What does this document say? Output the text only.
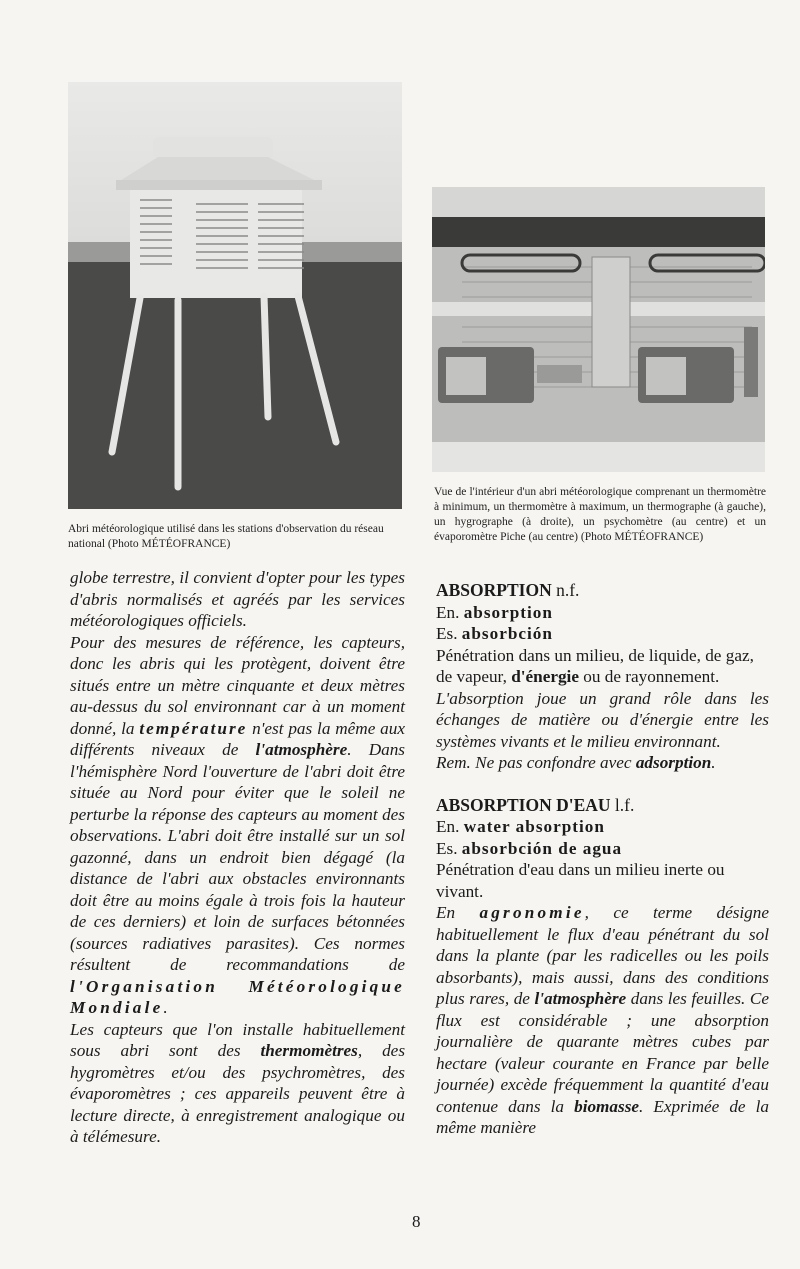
Abri météorologique utilisé dans les stations d'observation du réseau national (Photo MÉTÉOFRANCE)
Vue de l'intérieur d'un abri météorologique comprenant un thermomètre à minimum, un thermomètre à maximum, un thermographe (à gauche), un hygrographe (à droite), un psychomètre (au centre) et un évaporomètre Piche (au centre) (Photo MÉTÉOFRANCE)

globe terrestre, il convient d'opter pour les types d'abris normalisés et agréés par les services météorologiques officiels.

Pour des mesures de référence, les capteurs, donc les abris qui les protègent, doivent être situés entre un mètre cinquante et deux mètres au-dessus du sol environnant car à un moment donné, la température n'est pas la même aux différents niveaux de l'atmosphère. Dans l'hémisphère Nord l'ouverture de l'abri doit être située au Nord pour éviter que le soleil ne perturbe la réponse des capteurs au moment des observations. L'abri doit être installé sur un sol gazonné, dans un endroit bien dégagé (la distance de l'abri aux obstacles environnants doit être au moins égale à trois fois la hauteur de ces derniers) et loin de surfaces bétonnées (sources radiatives parasites). Ces normes résultent de recommandations de l'Organisation Météorologique Mondiale.

Les capteurs que l'on installe habituellement sous abri sont des thermomètres, des hygromètres et/ou des psychromètres, des évaporomètres ; ces appareils peuvent être à lecture directe, à enregistrement analogique ou à télémesure.

ABSORPTION n.f.
En. absorption
Es. absorbción

Pénétration dans un milieu, de liquide, de gaz, de vapeur, d'énergie ou de rayonnement.

L'absorption joue un grand rôle dans les échanges de matière ou d'énergie entre les systèmes vivants et le milieu environnant.

Rem. Ne pas confondre avec adsorption.

ABSORPTION D'EAU l.f.
En. water absorption
Es. absorbción de agua

Pénétration d'eau dans un milieu inerte ou vivant.

En agronomie, ce terme désigne habituellement le flux d'eau pénétrant du sol dans la plante (par les radicelles ou les poils absorbants), mais aussi, dans des conditions plus rares, de l'atmosphère dans les feuilles. Ce flux est considérable ; une absorption journalière de quarante mètres cubes par hectare (valeur courante en France par belle journée) excède fréquemment la quantité d'eau contenue dans la biomasse. Exprimée de la même manière

8
